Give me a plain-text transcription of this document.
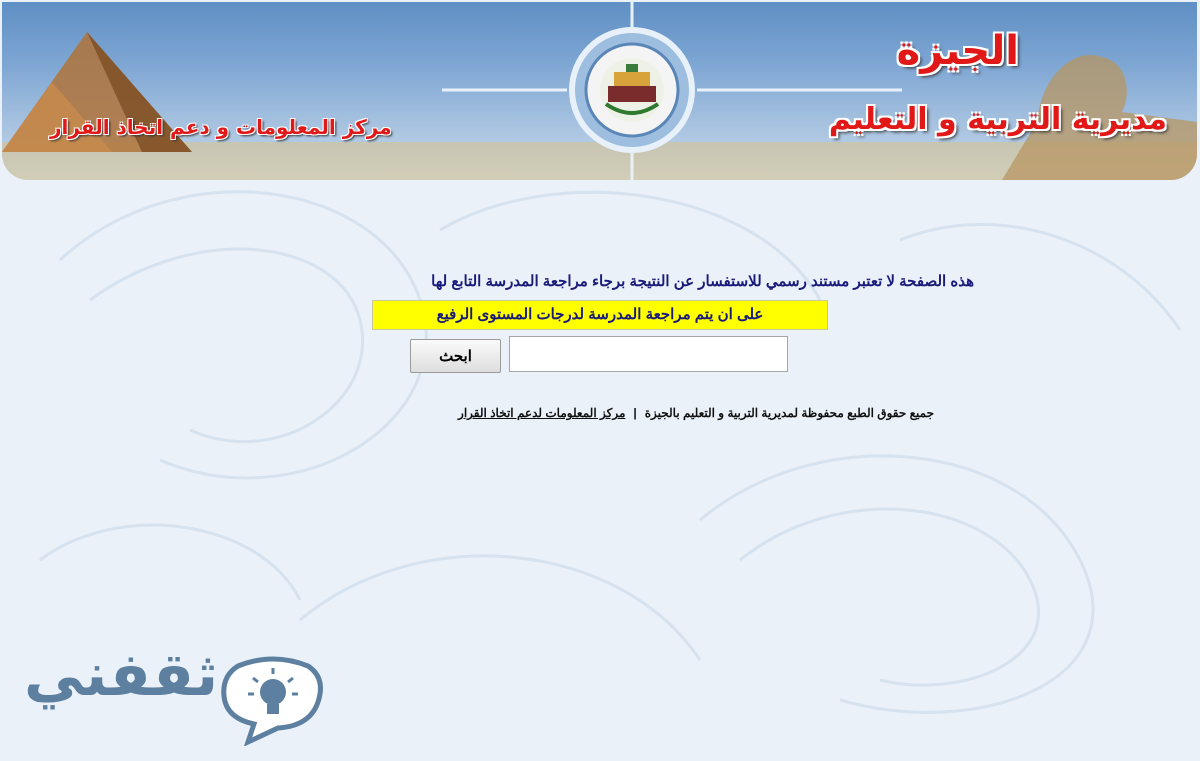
الجيزة
مديرية التربية و التعليم
مركز المعلومات و دعم اتخاذ القرار
هذه الصفحة لا تعتبر مستند رسمي للاستفسار عن النتيجة برجاء مراجعة المدرسة التابع لها
على ان يتم مراجعة المدرسة لدرجات المستوى الرفيع
ابحث
جميع حقوق الطبع محفوظة لمديرية التربية و التعليم بالجيزة|مركز المعلومات لدعم اتخاذ القرار
ثقفني
